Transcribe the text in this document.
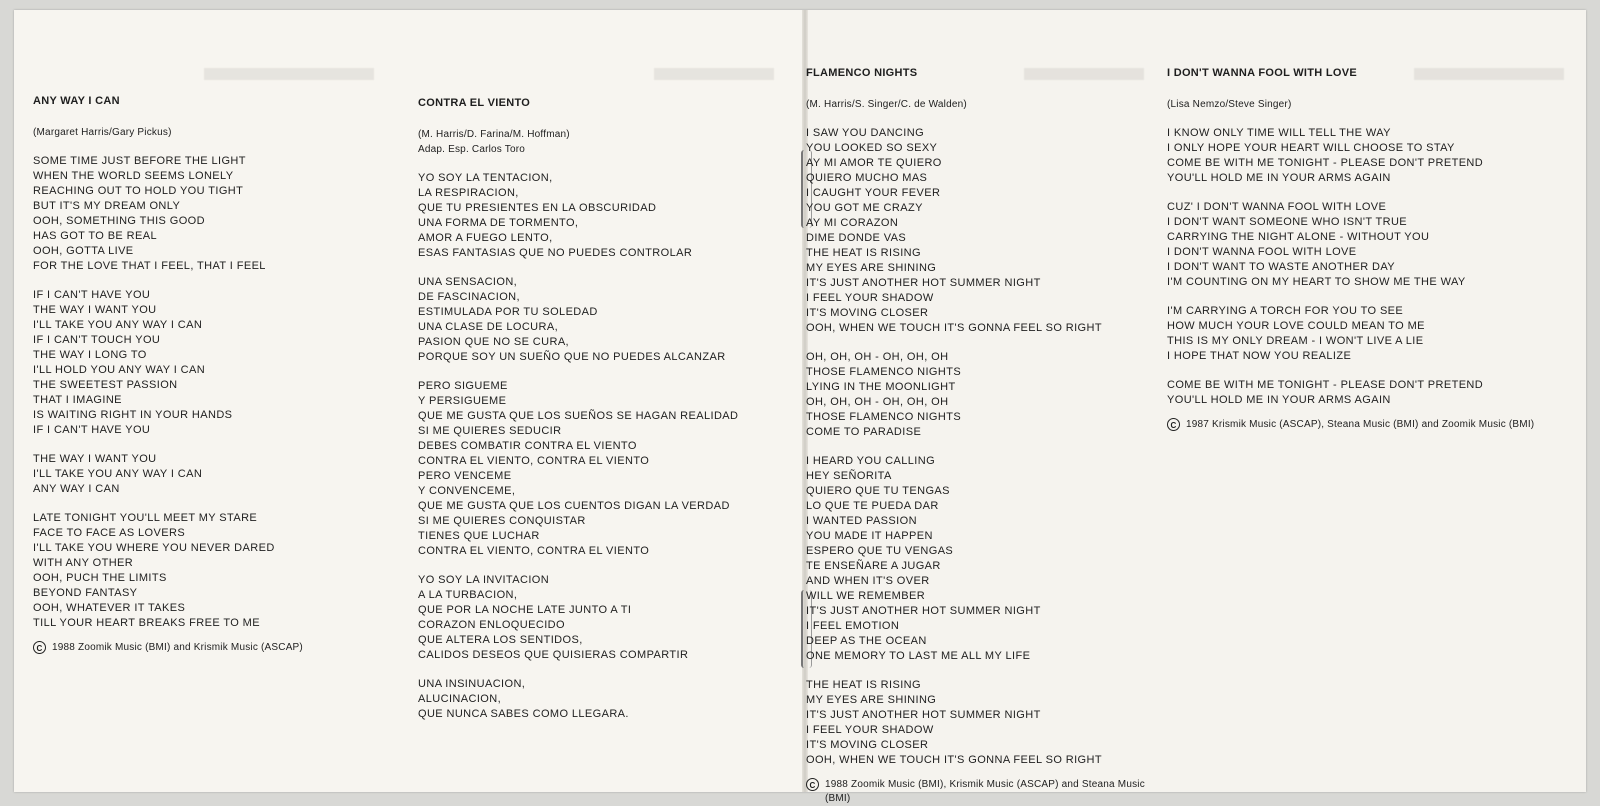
ANY WAY I CAN
(Margaret Harris/Gary Pickus)
SOME TIME JUST BEFORE THE LIGHT
WHEN THE WORLD SEEMS LONELY
REACHING OUT TO HOLD YOU TIGHT
BUT IT'S MY DREAM ONLY
OOH, SOMETHING THIS GOOD
HAS GOT TO BE REAL
OOH, GOTTA LIVE
FOR THE LOVE THAT I FEEL, THAT I FEEL
IF I CAN'T HAVE YOU
THE WAY I WANT YOU
I'LL TAKE YOU ANY WAY I CAN
IF I CAN'T TOUCH YOU
THE WAY I LONG TO
I'LL HOLD YOU ANY WAY I CAN
THE SWEETEST PASSION
THAT I IMAGINE
IS WAITING RIGHT IN YOUR HANDS
IF I CAN'T HAVE YOU
THE WAY I WANT YOU
I'LL TAKE YOU ANY WAY I CAN
ANY WAY I CAN
LATE TONIGHT YOU'LL MEET MY STARE
FACE TO FACE AS LOVERS
I'LL TAKE YOU WHERE YOU NEVER DARED
WITH ANY OTHER
OOH, PUCH THE LIMITS
BEYOND FANTASY
OOH, WHATEVER IT TAKES
TILL YOUR HEART BREAKS FREE TO ME
C 1988 Zoomik Music (BMI) and Krismik Music (ASCAP)
CONTRA EL VIENTO
(M. Harris/D. Farina/M. Hoffman)
Adap. Esp. Carlos Toro
YO SOY LA TENTACION,
LA RESPIRACION,
QUE TU PRESIENTES EN LA OBSCURIDAD
UNA FORMA DE TORMENTO,
AMOR A FUEGO LENTO,
ESAS FANTASIAS QUE NO PUEDES CONTROLAR
UNA SENSACION,
DE FASCINACION,
ESTIMULADA POR TU SOLEDAD
UNA CLASE DE LOCURA,
PASION QUE NO SE CURA,
PORQUE SOY UN SUEÑO QUE NO PUEDES ALCANZAR
PERO SIGUEME
Y PERSIGUEME
QUE ME GUSTA QUE LOS SUEÑOS SE HAGAN REALIDAD
SI ME QUIERES SEDUCIR
DEBES COMBATIR CONTRA EL VIENTO
CONTRA EL VIENTO, CONTRA EL VIENTO
PERO VENCEME
Y CONVENCEME,
QUE ME GUSTA QUE LOS CUENTOS DIGAN LA VERDAD
SI ME QUIERES CONQUISTAR
TIENES QUE LUCHAR
CONTRA EL VIENTO, CONTRA EL VIENTO
YO SOY LA INVITACION
A LA TURBACION,
QUE POR LA NOCHE LATE JUNTO A TI
CORAZON ENLOQUECIDO
QUE ALTERA LOS SENTIDOS,
CALIDOS DESEOS QUE QUISIERAS COMPARTIR
UNA INSINUACION,
ALUCINACION,
QUE NUNCA SABES COMO LLEGARA.
FLAMENCO NIGHTS
(M. Harris/S. Singer/C. de Walden)
I SAW YOU DANCING
YOU LOOKED SO SEXY
AY MI AMOR TE QUIERO
QUIERO MUCHO MAS
I CAUGHT YOUR FEVER
YOU GOT ME CRAZY
AY MI CORAZON
DIME DONDE VAS
THE HEAT IS RISING
MY EYES ARE SHINING
IT'S JUST ANOTHER HOT SUMMER NIGHT
I FEEL YOUR SHADOW
IT'S MOVING CLOSER
OOH, WHEN WE TOUCH IT'S GONNA FEEL SO RIGHT
OH, OH, OH - OH, OH, OH
THOSE FLAMENCO NIGHTS
LYING IN THE MOONLIGHT
OH, OH, OH - OH, OH, OH
THOSE FLAMENCO NIGHTS
COME TO PARADISE
I HEARD YOU CALLING
HEY SEÑORITA
QUIERO QUE TU TENGAS
LO QUE TE PUEDA DAR
I WANTED PASSION
YOU MADE IT HAPPEN
ESPERO QUE TU VENGAS
TE ENSEÑARE A JUGAR
AND WHEN IT'S OVER
WILL WE REMEMBER
IT'S JUST ANOTHER HOT SUMMER NIGHT
I FEEL EMOTION
DEEP AS THE OCEAN
ONE MEMORY TO LAST ME ALL MY LIFE
THE HEAT IS RISING
MY EYES ARE SHINING
IT'S JUST ANOTHER HOT SUMMER NIGHT
I FEEL YOUR SHADOW
IT'S MOVING CLOSER
OOH, WHEN WE TOUCH IT'S GONNA FEEL SO RIGHT
C 1988 Zoomik Music (BMI), Krismik Music (ASCAP) and Steana Music (BMI)
I DON'T WANNA FOOL WITH LOVE
(Lisa Nemzo/Steve Singer)
I KNOW ONLY TIME WILL TELL THE WAY
I ONLY HOPE YOUR HEART WILL CHOOSE TO STAY
COME BE WITH ME TONIGHT - PLEASE DON'T PRETEND
YOU'LL HOLD ME IN YOUR ARMS AGAIN
CUZ' I DON'T WANNA FOOL WITH LOVE
I DON'T WANT SOMEONE WHO ISN'T TRUE
CARRYING THE NIGHT ALONE - WITHOUT YOU
I DON'T WANNA FOOL WITH LOVE
I DON'T WANT TO WASTE ANOTHER DAY
I'M COUNTING ON MY HEART TO SHOW ME THE WAY
I'M CARRYING A TORCH FOR YOU TO SEE
HOW MUCH YOUR LOVE COULD MEAN TO ME
THIS IS MY ONLY DREAM - I WON'T LIVE A LIE
I HOPE THAT NOW YOU REALIZE
COME BE WITH ME TONIGHT - PLEASE DON'T PRETEND
YOU'LL HOLD ME IN YOUR ARMS AGAIN
C 1987 Krismik Music (ASCAP), Steana Music (BMI) and Zoomik Music (BMI)
